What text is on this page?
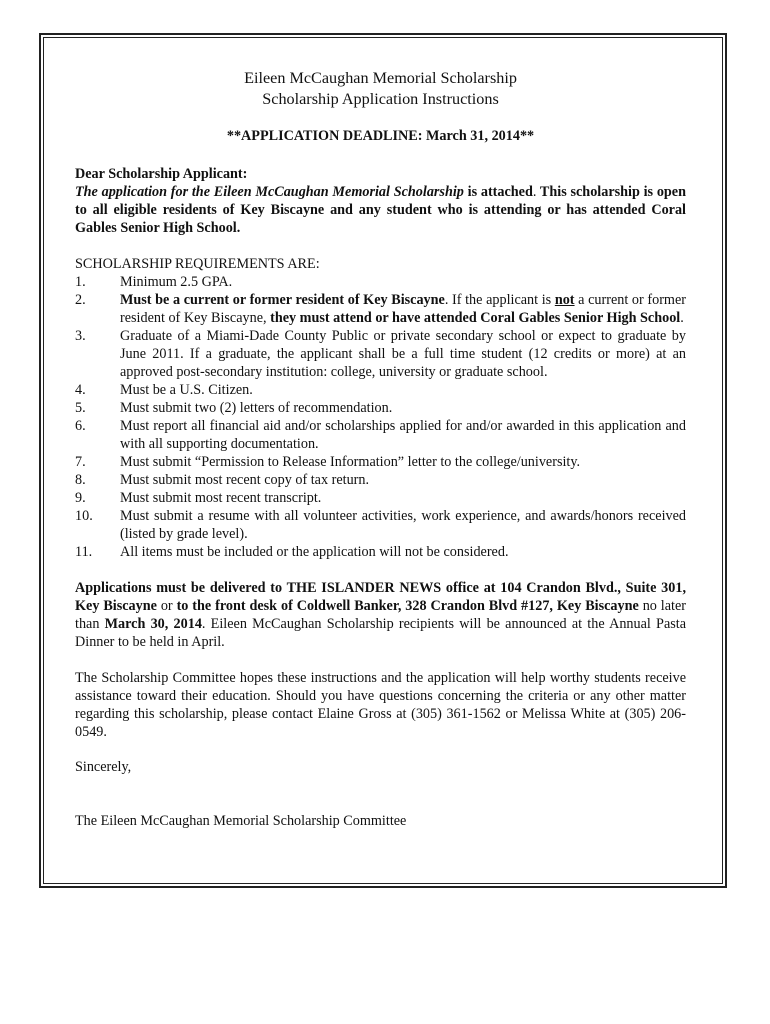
Eileen McCaughan Memorial Scholarship
Scholarship Application Instructions
**APPLICATION DEADLINE: March 31, 2014**
Dear Scholarship Applicant:
The application for the Eileen McCaughan Memorial Scholarship is attached. This scholarship is open to all eligible residents of Key Biscayne and any student who is attending or has attended Coral Gables Senior High School.
SCHOLARSHIP REQUIREMENTS ARE:
1.	Minimum 2.5 GPA.
2.	Must be a current or former resident of Key Biscayne. If the applicant is not a current or former resident of Key Biscayne, they must attend or have attended Coral Gables Senior High School.
3.	Graduate of a Miami-Dade County Public or private secondary school or expect to graduate by June 2011. If a graduate, the applicant shall be a full time student (12 credits or more) at an approved post-secondary institution: college, university or graduate school.
4.	Must be a U.S. Citizen.
5.	Must submit two (2) letters of recommendation.
6.	Must report all financial aid and/or scholarships applied for and/or awarded in this application and with all supporting documentation.
7.	Must submit “Permission to Release Information” letter to the college/university.
8.	Must submit most recent copy of tax return.
9.	Must submit most recent transcript.
10.	Must submit a resume with all volunteer activities, work experience, and awards/honors received (listed by grade level).
11.	All items must be included or the application will not be considered.
Applications must be delivered to THE ISLANDER NEWS office at 104 Crandon Blvd., Suite 301, Key Biscayne or to the front desk of Coldwell Banker, 328 Crandon Blvd #127, Key Biscayne no later than March 30, 2014. Eileen McCaughan Scholarship recipients will be announced at the Annual Pasta Dinner to be held in April.
The Scholarship Committee hopes these instructions and the application will help worthy students receive assistance toward their education. Should you have questions concerning the criteria or any other matter regarding this scholarship, please contact Elaine Gross at (305) 361-1562 or Melissa White at (305) 206-0549.
Sincerely,
The Eileen McCaughan Memorial Scholarship Committee
